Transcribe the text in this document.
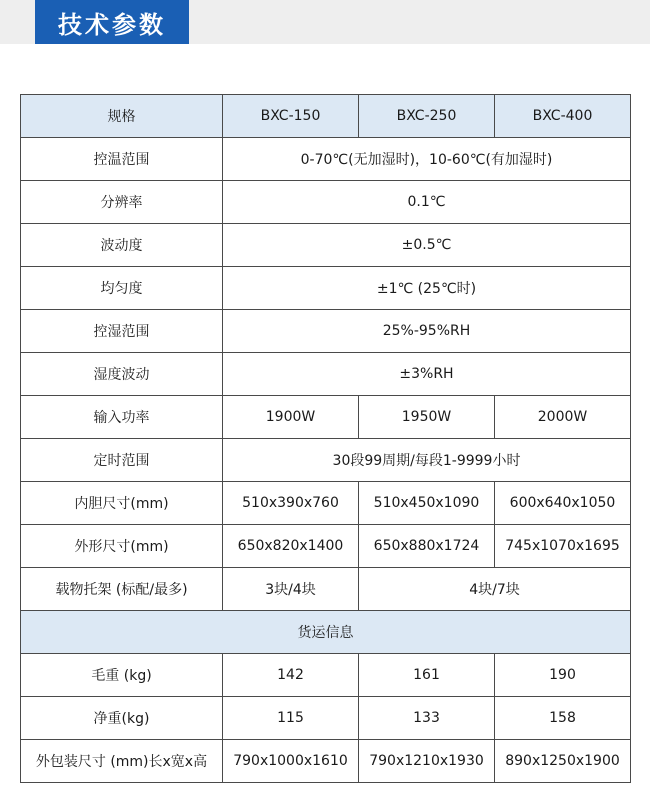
技术参数
规格	BXC-150	BXC-250	BXC-400
控温范围	0-70℃(无加湿时)，10-60℃(有加湿时)		
分辨率	0.1℃		
波动度	±0.5℃		
均匀度	±1℃ (25℃时)		
控湿范围	25%-95%RH		
湿度波动	±3%RH		
输入功率	1900W	1950W	2000W
定时范围	30段99周期/每段1-9999小时		
内胆尺寸(mm)	510x390x760	510x450x1090	600x640x1050
外形尺寸(mm)	650x820x1400	650x880x1724	745x1070x1695
载物托架 (标配/最多)	3块/4块	4块/7块	
货运信息			
毛重 (kg)	142	161	190
净重(kg)	115	133	158
外包装尺寸 (mm)长x宽x高	790x1000x1610	790x1210x1930	890x1250x1900
